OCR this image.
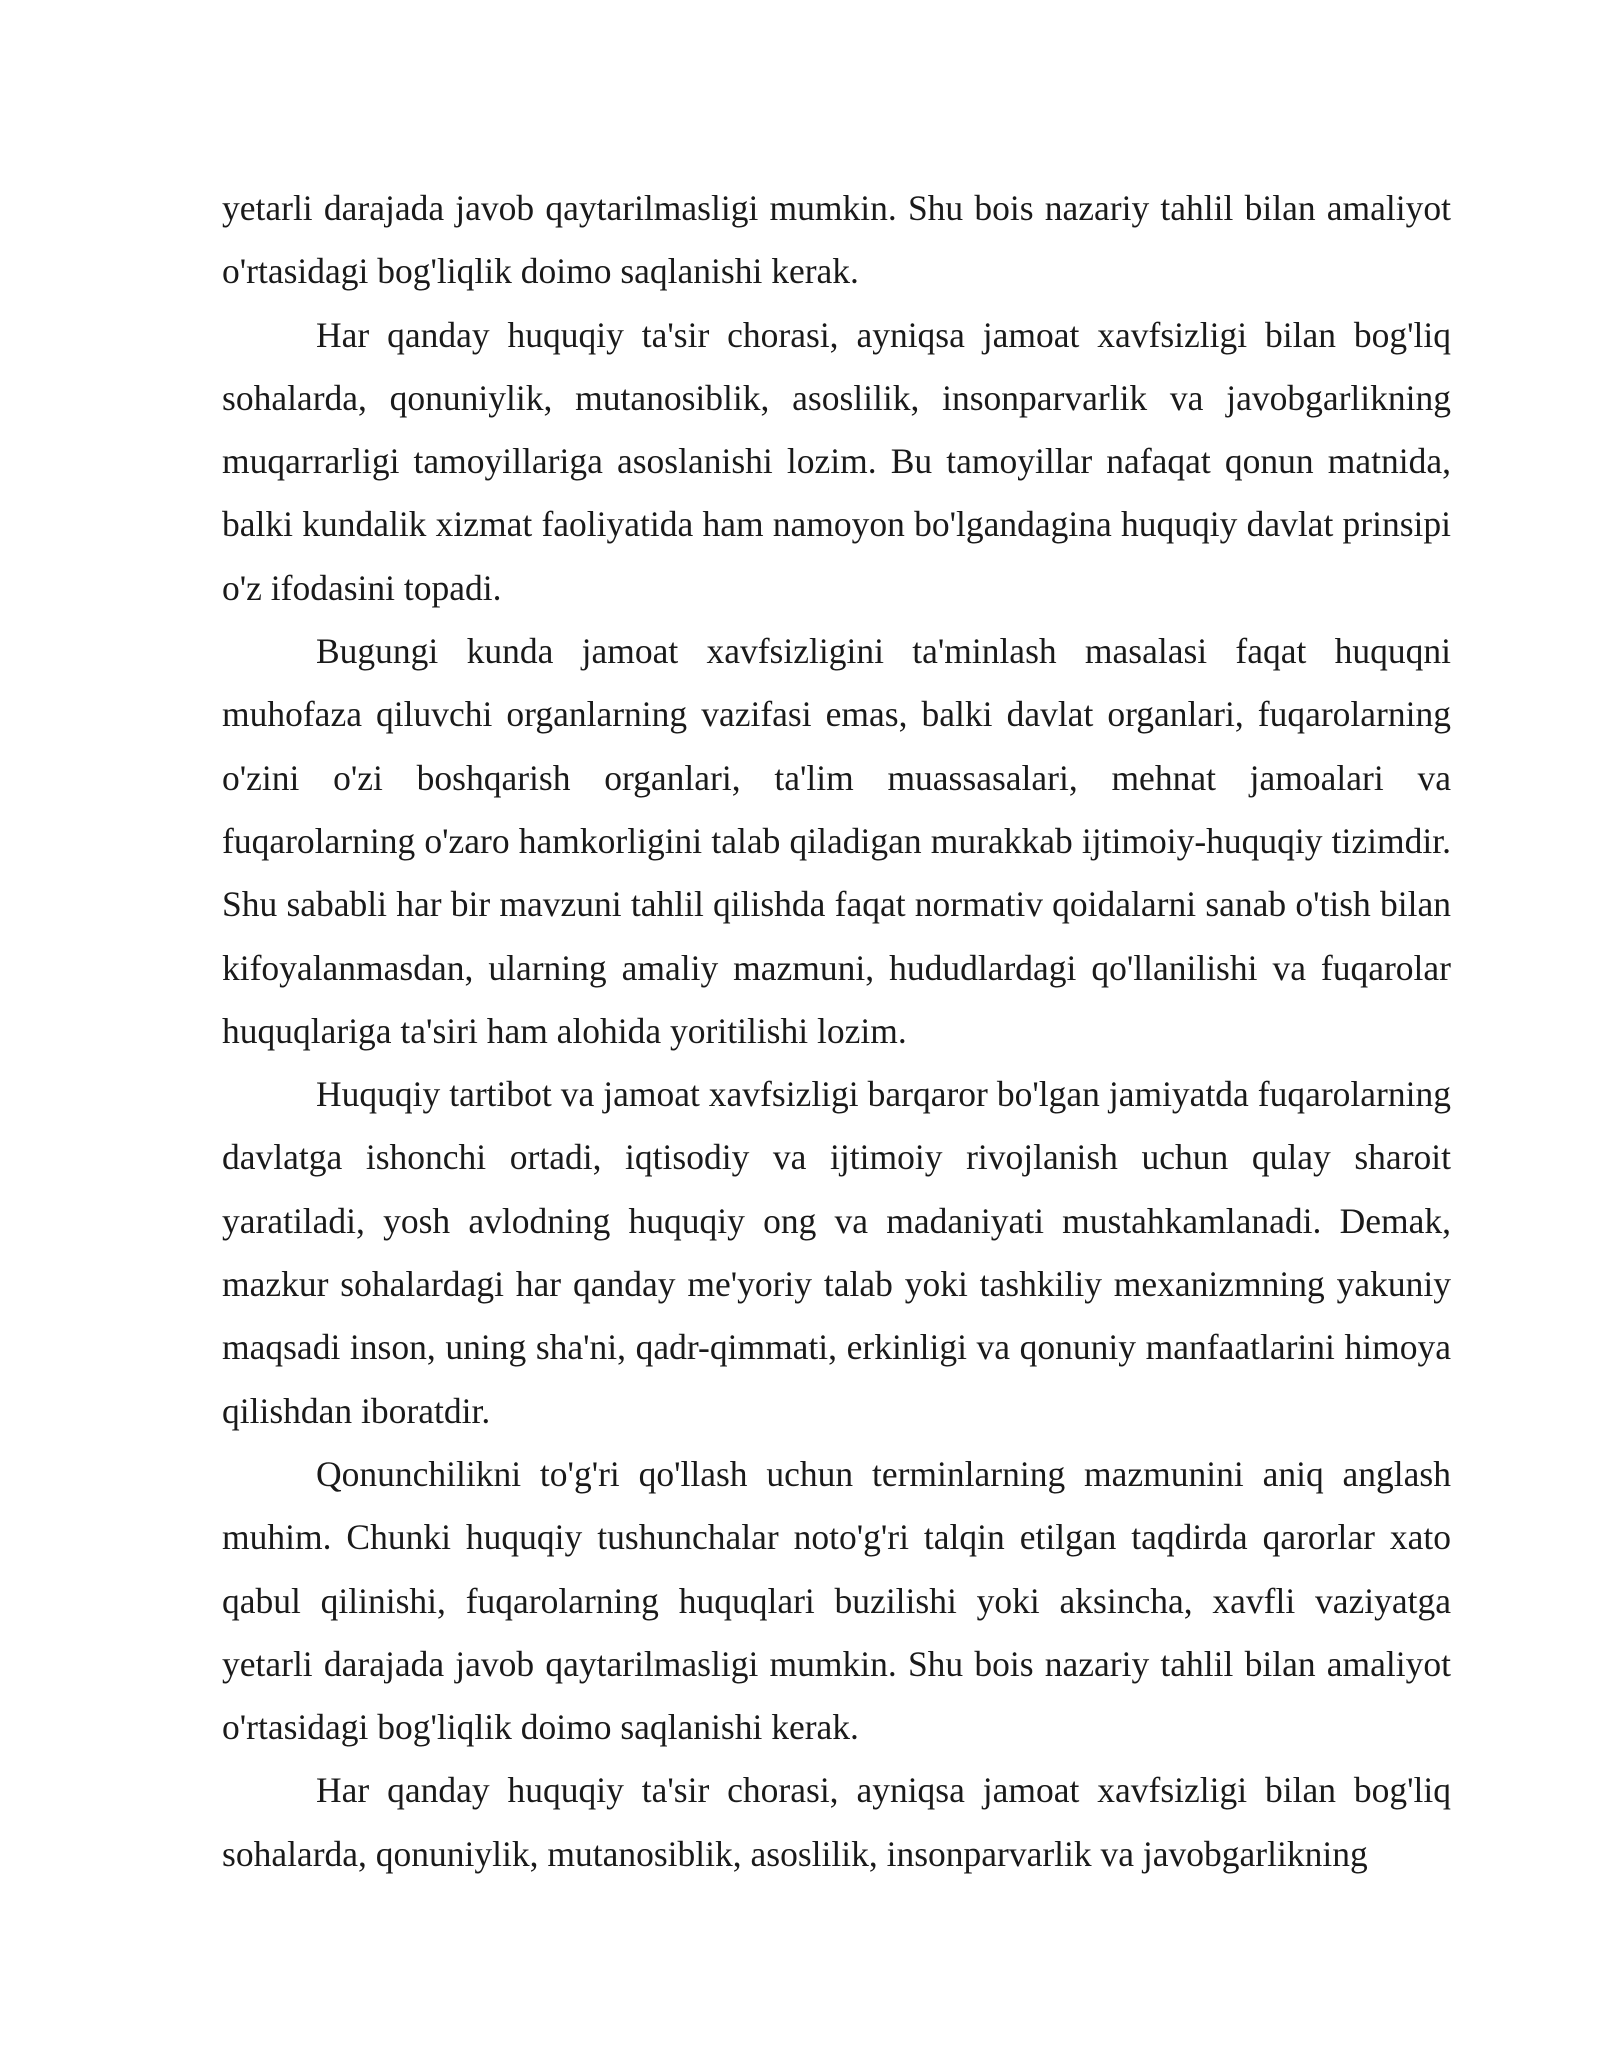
yetarli darajada javob qaytarilmasligi mumkin. Shu bois nazariy tahlil bilan amaliyot o'rtasidagi bog'liqlik doimo saqlanishi kerak.

Har qanday huquqiy ta'sir chorasi, ayniqsa jamoat xavfsizligi bilan bog'liq sohalarda, qonuniylik, mutanosiblik, asoslilik, insonparvarlik va javobgarlikning muqarrarligi tamoyillariga asoslanishi lozim. Bu tamoyillar nafaqat qonun matnida, balki kundalik xizmat faoliyatida ham namoyon bo'lgandagina huquqiy davlat prinsipi o'z ifodasini topadi.

Bugungi kunda jamoat xavfsizligini ta'minlash masalasi faqat huquqni muhofaza qiluvchi organlarning vazifasi emas, balki davlat organlari, fuqarolarning o'zini o'zi boshqarish organlari, ta'lim muassasalari, mehnat jamoalari va fuqarolarning o'zaro hamkorligini talab qiladigan murakkab ijtimoiy-huquqiy tizimdir. Shu sababli har bir mavzuni tahlil qilishda faqat normativ qoidalarni sanab o'tish bilan kifoyalanmasdan, ularning amaliy mazmuni, hududlardagi qo'llanilishi va fuqarolar huquqlariga ta'siri ham alohida yoritilishi lozim.

Huquqiy tartibot va jamoat xavfsizligi barqaror bo'lgan jamiyatda fuqarolarning davlatga ishonchi ortadi, iqtisodiy va ijtimoiy rivojlanish uchun qulay sharoit yaratiladi, yosh avlodning huquqiy ong va madaniyati mustahkamlanadi. Demak, mazkur sohalardagi har qanday me'yoriy talab yoki tashkiliy mexanizmning yakuniy maqsadi inson, uning sha'ni, qadr-qimmati, erkinligi va qonuniy manfaatlarini himoya qilishdan iboratdir.

Qonunchilikni to'g'ri qo'llash uchun terminlarning mazmunini aniq anglash muhim. Chunki huquqiy tushunchalar noto'g'ri talqin etilgan taqdirda qarorlar xato qabul qilinishi, fuqarolarning huquqlari buzilishi yoki aksincha, xavfli vaziyatga yetarli darajada javob qaytarilmasligi mumkin. Shu bois nazariy tahlil bilan amaliyot o'rtasidagi bog'liqlik doimo saqlanishi kerak.

Har qanday huquqiy ta'sir chorasi, ayniqsa jamoat xavfsizligi bilan bog'liq sohalarda, qonuniylik, mutanosiblik, asoslilik, insonparvarlik va javobgarlikning
